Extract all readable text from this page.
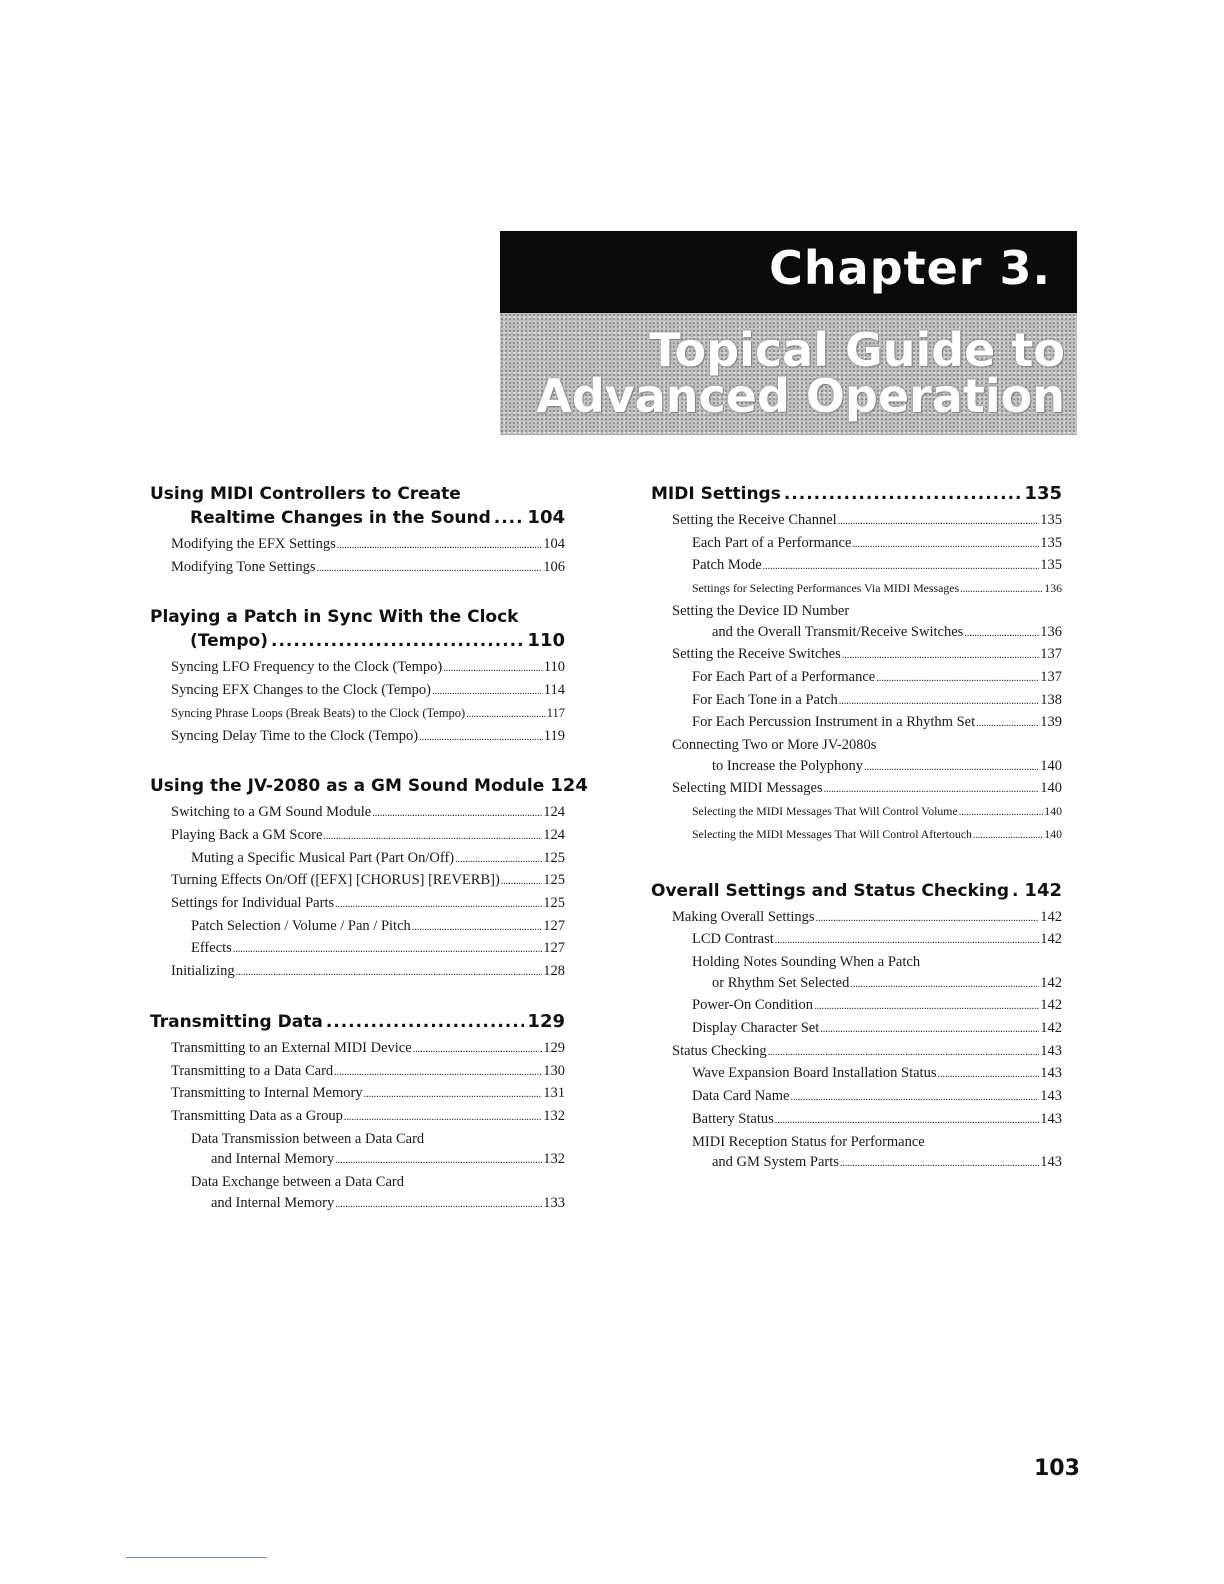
Chapter 3.
Topical Guide to
Advanced Operation
Using MIDI Controllers to Create
Realtime Changes in the Sound ..... 104
Modifying the EFX Settings .....	104
Modifying Tone Settings .....	106
Playing a Patch in Sync With the Clock
(Tempo) .....	110
Syncing LFO Frequency to the Clock (Tempo) .....	110
Syncing EFX Changes to the Clock (Tempo) .....	114
Syncing Phrase Loops (Break Beats) to the Clock (Tempo) .....	117
Syncing Delay Time to the Clock (Tempo) .....	119
Using the JV-2080 as a GM Sound Module 124
Switching to a GM Sound Module .....	124
Playing Back a GM Score .....	124
Muting a Specific Musical Part (Part On/Off) .....	125
Turning Effects On/Off ([EFX] [CHORUS] [REVERB]) .....	125
Settings for Individual Parts .....	125
Patch Selection / Volume / Pan / Pitch .....	127
Effects .....	127
Initializing .....	128
Transmitting Data .....	129
Transmitting to an External MIDI Device .....	129
Transmitting to a Data Card .....	130
Transmitting to Internal Memory .....	131
Transmitting Data as a Group .....	132
Data Transmission between a Data Card
and Internal Memory .....	132
Data Exchange between a Data Card
and Internal Memory .....	133
MIDI Settings .....	135
Setting the Receive Channel .....	135
Each Part of a Performance .....	135
Patch Mode .....	135
Settings for Selecting Performances Via MIDI Messages .....	136
Setting the Device ID Number
and the Overall Transmit/Receive Switches .....	136
Setting the Receive Switches .....	137
For Each Part of a Performance .....	137
For Each Tone in a Patch .....	138
For Each Percussion Instrument in a Rhythm Set .....	139
Connecting Two or More JV-2080s
to Increase the Polyphony .....	140
Selecting MIDI Messages .....	140
Selecting the MIDI Messages That Will Control Volume .....	140
Selecting the MIDI Messages That Will Control Aftertouch .....	140
Overall Settings and Status Checking ..... 142
Making Overall Settings .....	142
LCD Contrast .....	142
Holding Notes Sounding When a Patch
or Rhythm Set Selected .....	142
Power-On Condition .....	142
Display Character Set .....	142
Status Checking .....	143
Wave Expansion Board Installation Status .....	143
Data Card Name .....	143
Battery Status .....	143
MIDI Reception Status for Performance
and GM System Parts .....	143
103
